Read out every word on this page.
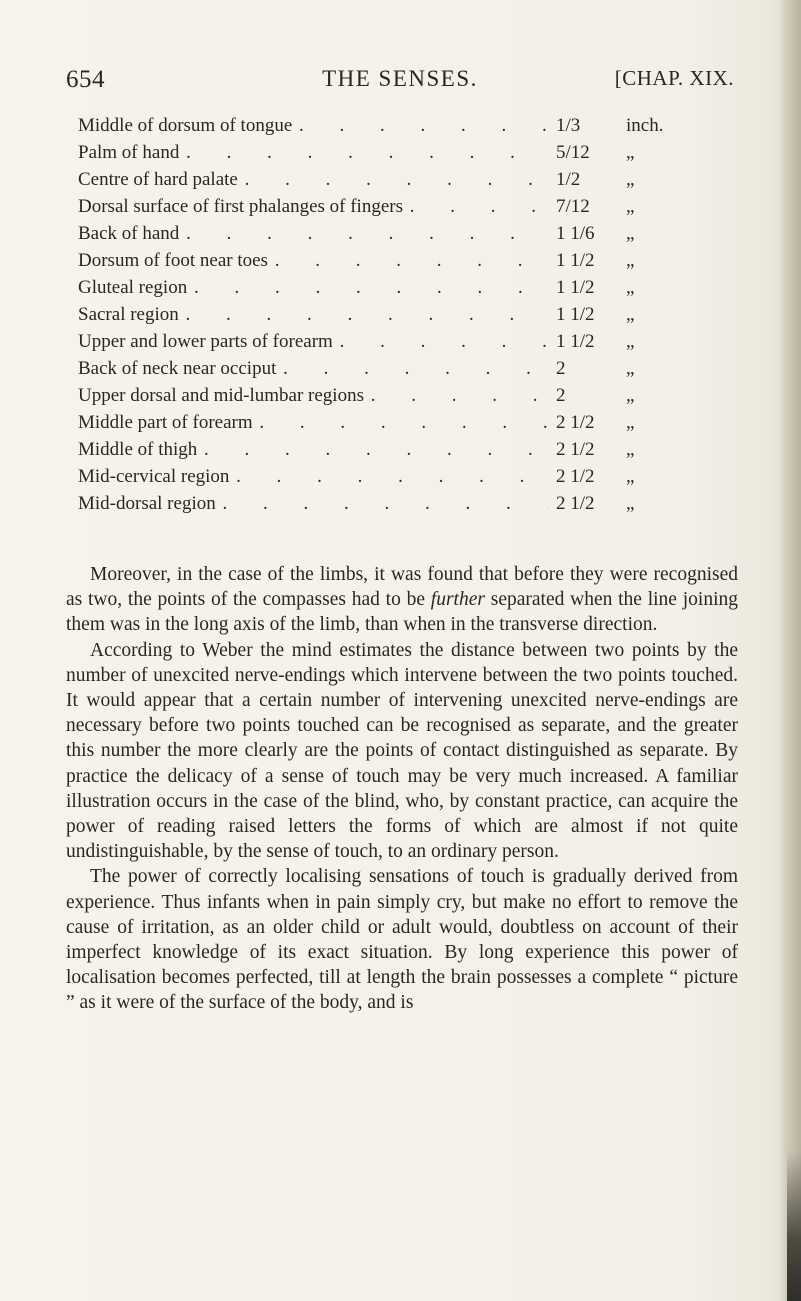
654	THE SENSES.	[CHAP. XIX.
Middle of dorsum of tongue .	1/3	inch.
Palm of hand .	5/12	„
Centre of hard palate .	1/2	„
Dorsal surface of first phalanges of fingers .	7/12	„
Back of hand .	1 1/6	„
Dorsum of foot near toes .	1 1/2	„
Gluteal region .	1 1/2	„
Sacral region .	1 1/2	„
Upper and lower parts of forearm .	1 1/2	„
Back of neck near occiput .	2	„
Upper dorsal and mid-lumbar regions .	2	„
Middle part of forearm .	2 1/2	„
Middle of thigh .	2 1/2	„
Mid-cervical region .	2 1/2	„
Mid-dorsal region .	2 1/2	„

Moreover, in the case of the limbs, it was found that before they were recognised as two, the points of the compasses had to be further separated when the line joining them was in the long axis of the limb, than when in the transverse direction.

According to Weber the mind estimates the distance between two points by the number of unexcited nerve-endings which intervene between the two points touched. It would appear that a certain number of intervening unexcited nerve-endings are necessary before two points touched can be recognised as separate, and the greater this number the more clearly are the points of contact distinguished as separate. By practice the delicacy of a sense of touch may be very much increased. A familiar illustration occurs in the case of the blind, who, by constant practice, can acquire the power of reading raised letters the forms of which are almost if not quite undistinguishable, by the sense of touch, to an ordinary person.

The power of correctly localising sensations of touch is gradually derived from experience. Thus infants when in pain simply cry, but make no effort to remove the cause of irritation, as an older child or adult would, doubtless on account of their imperfect knowledge of its exact situation. By long experience this power of localisation becomes perfected, till at length the brain possesses a complete “ picture ” as it were of the surface of the body, and is
